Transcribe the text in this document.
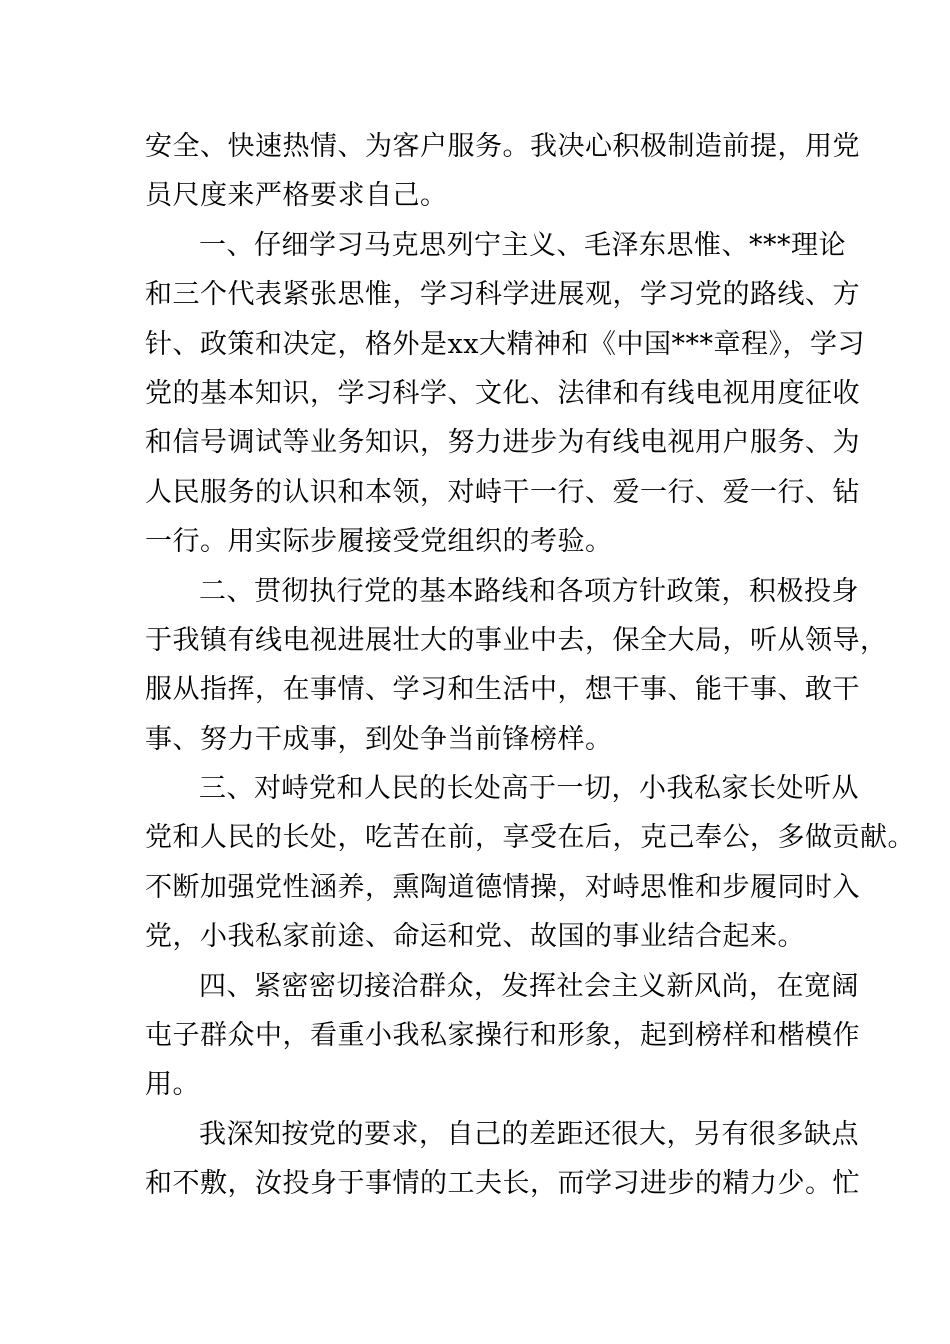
安全、快速热情、为客户服务。我决心积极制造前提，用党
员尺度来严格要求自己。
一、仔细学习马克思列宁主义、毛泽东思惟、***理论
和三个代表紧张思惟，学习科学进展观，学习党的路线、方
针、政策和决定，格外是xx大精神和《中国***章程》，学习
党的基本知识，学习科学、文化、法律和有线电视用度征收
和信号调试等业务知识，努力进步为有线电视用户服务、为
人民服务的认识和本领，对峙干一行、爱一行、爱一行、钻
一行。用实际步履接受党组织的考验。
二、贯彻执行党的基本路线和各项方针政策，积极投身
于我镇有线电视进展壮大的事业中去，保全大局，听从领导，
服从指挥，在事情、学习和生活中，想干事、能干事、敢干
事、努力干成事，到处争当前锋榜样。
三、对峙党和人民的长处高于一切，小我私家长处听从
党和人民的长处，吃苦在前，享受在后，克己奉公，多做贡献。
不断加强党性涵养，熏陶道德情操，对峙思惟和步履同时入
党，小我私家前途、命运和党、故国的事业结合起来。
四、紧密密切接洽群众，发挥社会主义新风尚，在宽阔
屯子群众中，看重小我私家操行和形象，起到榜样和楷模作
用。
我深知按党的要求，自己的差距还很大，另有很多缺点
和不敷，汝投身于事情的工夫长，而学习进步的精力少。忙
